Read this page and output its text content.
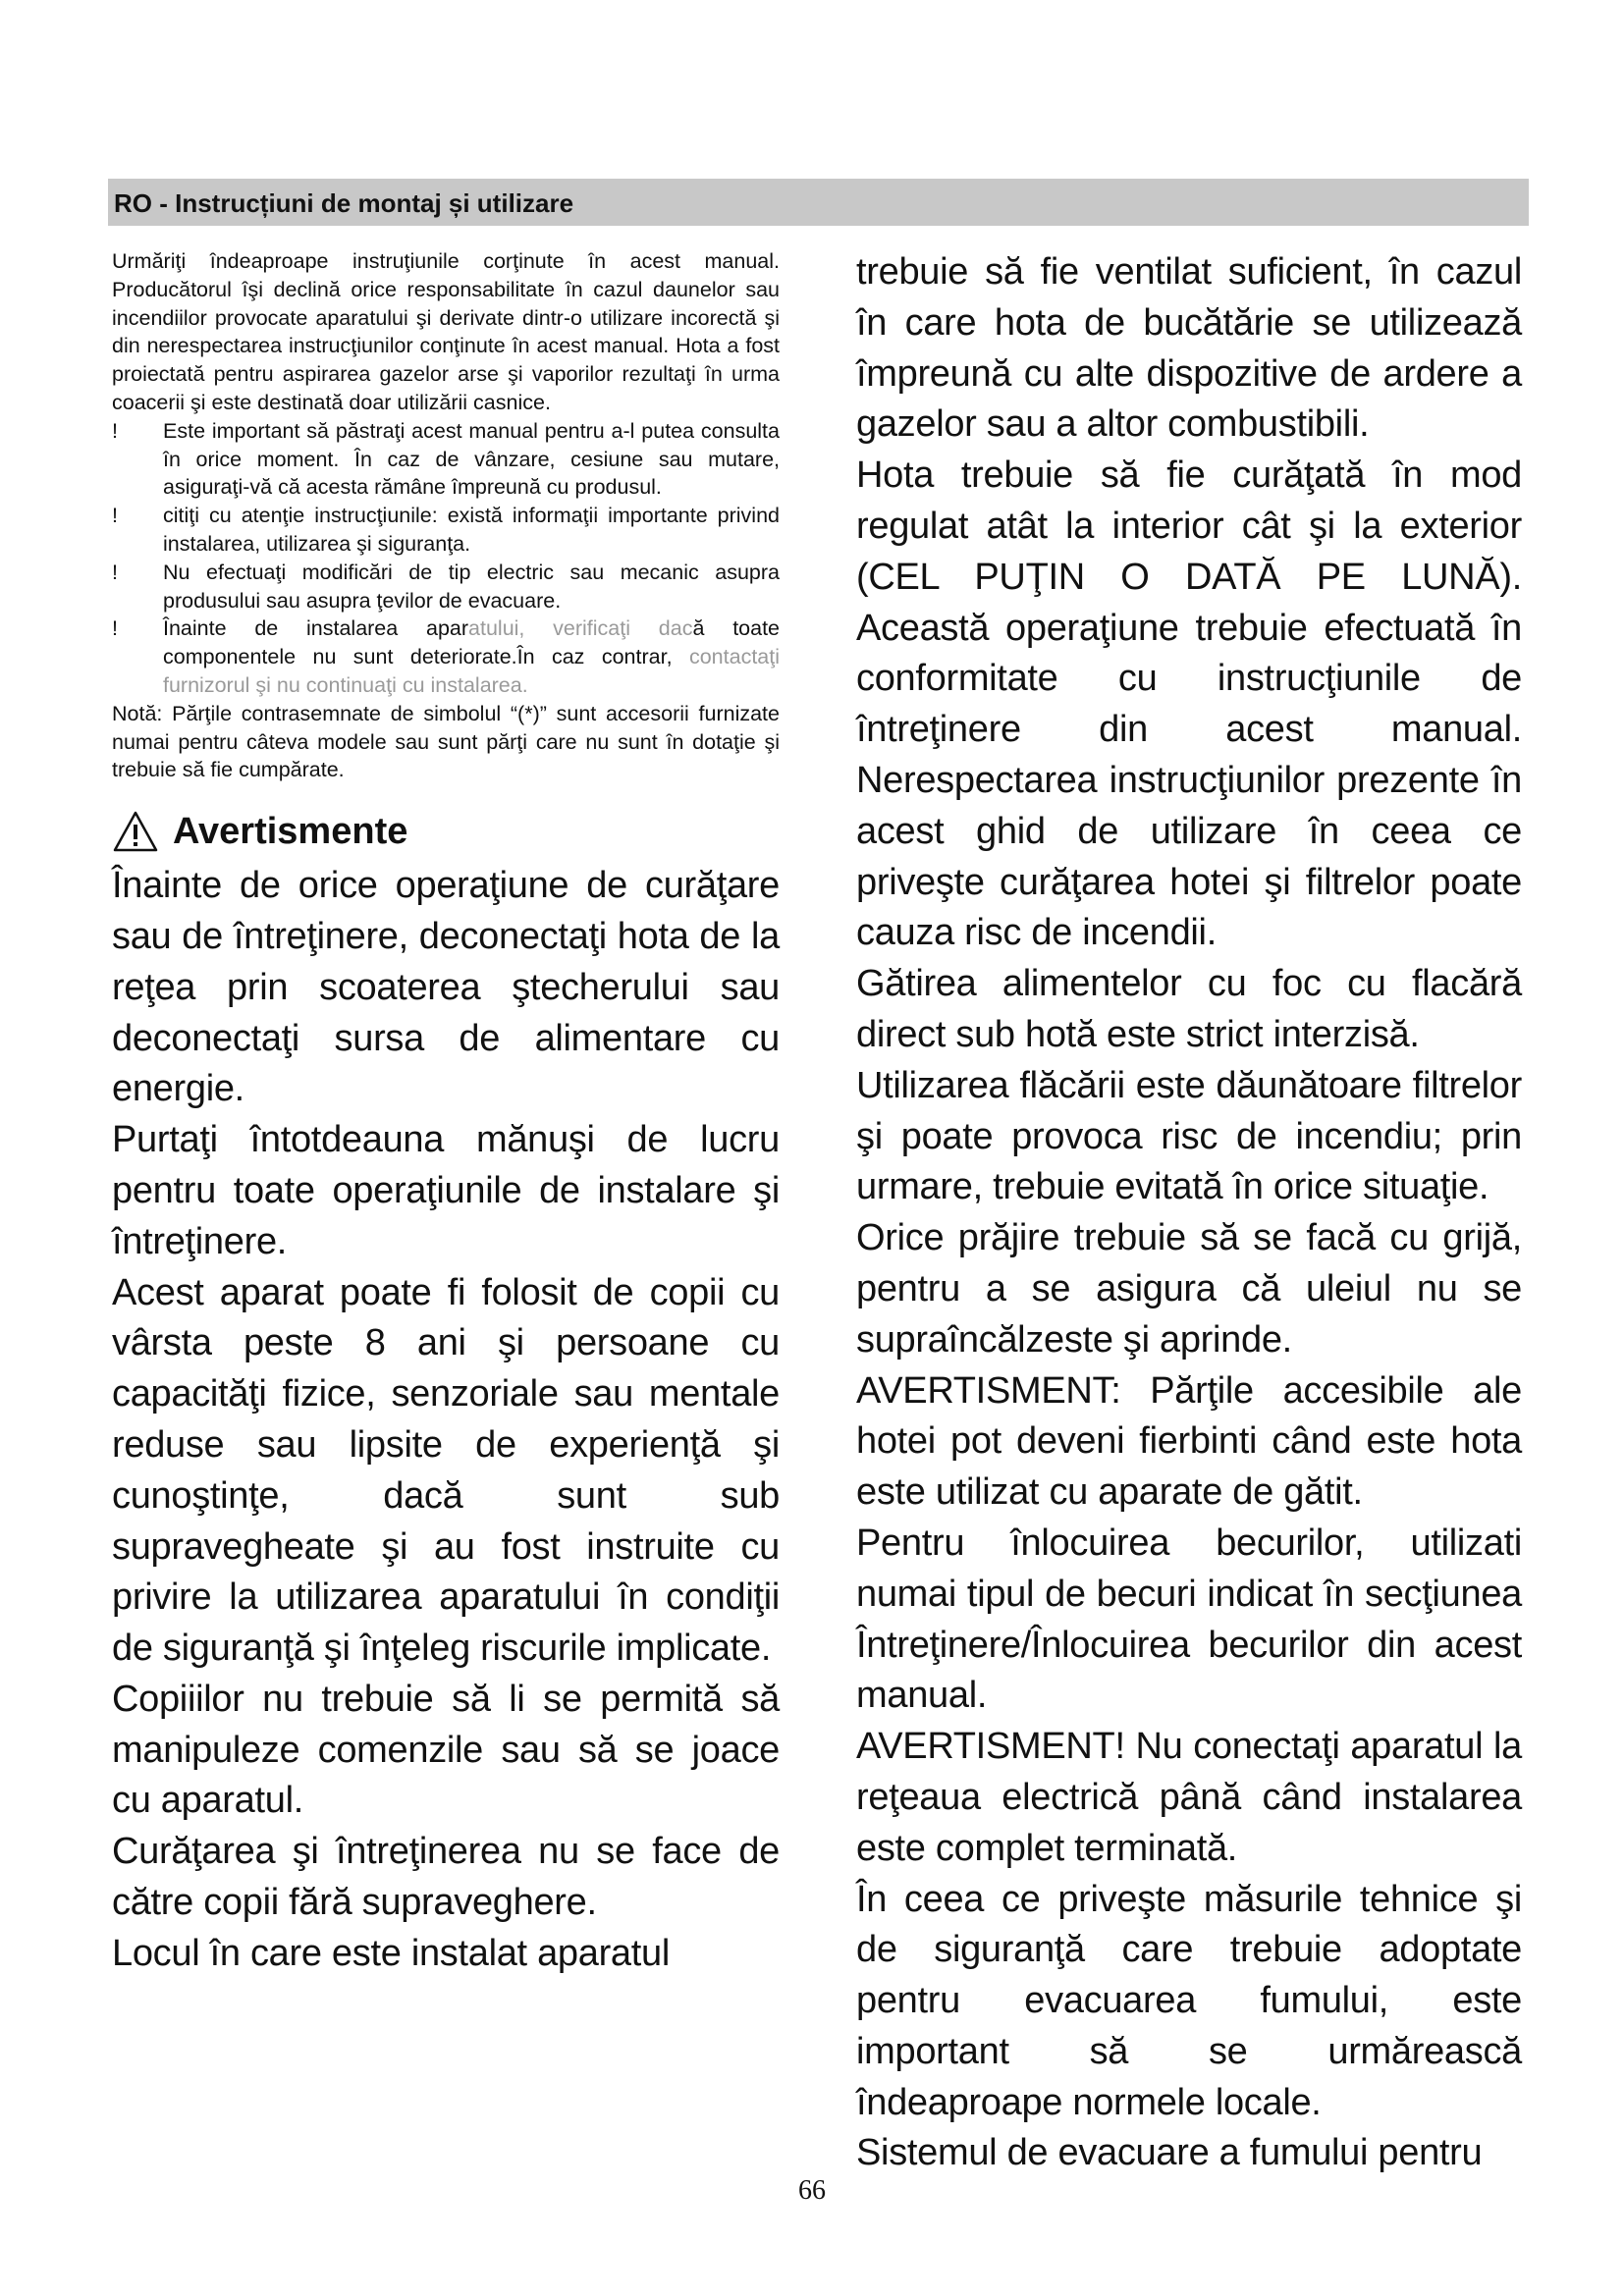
RO - Instrucțiuni de montaj și utilizare

Urmăriţi îndeaproape instruţiunile corţinute în acest manual. Producătorul îşi declină orice responsabilitate în cazul daunelor sau incendiilor provocate aparatului şi derivate dintr-o utilizare incorectă şi din nerespectarea instrucţiunilor conţinute în acest manual. Hota a fost proiectată pentru aspirarea gazelor arse şi vaporilor rezultaţi în urma coacerii şi este destinată doar utilizării casnice.

!	Este important să păstraţi acest manual pentru a-l putea consulta în orice moment. În caz de vânzare, cesiune sau mutare, asiguraţi-vă că acesta rămâne împreună cu produsul.
!	citiţi cu atenţie instrucţiunile: există informaţii importante privind instalarea, utilizarea şi siguranţa.
!	Nu efectuaţi modificări de tip electric sau mecanic asupra produsului sau asupra ţevilor de evacuare.
!	Înainte de instalarea aparatului, verificaţi dacă toate componentele nu sunt deteriorate.În caz contrar, contactaţi furnizorul şi nu continuaţi cu instalarea.

Notă: Părţile contrasemnate de simbolul “(*)” sunt accesorii furnizate numai pentru câteva modele sau sunt părţi care nu sunt în dotaţie şi trebuie să fie cumpărate.

Avertismente

Înainte de orice operaţiune de curăţare sau de întreţinere, deconectaţi hota de la reţea prin scoaterea ştecherului sau deconectaţi sursa de alimentare cu energie.

Purtaţi întotdeauna mănuşi de lucru pentru toate operaţiunile de instalare şi întreţinere.

Acest aparat poate fi folosit de copii cu vârsta peste 8 ani şi persoane cu capacităţi fizice, senzoriale sau mentale reduse sau lipsite de experienţă şi cunoştinţe, dacă sunt sub supravegheate şi au fost instruite cu privire la utilizarea aparatului în condiţii de siguranţă şi înţeleg riscurile implicate.

Copiiilor nu trebuie să li se permită să manipuleze comenzile sau să se joace cu aparatul.

Curăţarea şi întreţinerea nu se face de către copii fără supraveghere.

Locul în care este instalat aparatul

trebuie să fie ventilat suficient, în cazul în care hota de bucătărie se utilizează împreună cu alte dispozitive de ardere a gazelor sau a altor combustibili.

Hota trebuie să fie curăţată în mod regulat atât la interior cât şi la exterior (CEL PUŢIN O DATĂ PE LUNĂ). Această operaţiune trebuie efectuată în conformitate cu instrucţiunile de întreţinere din acest manual. Nerespectarea instrucţiunilor prezente în acest ghid de utilizare în ceea ce priveşte curăţarea hotei şi filtrelor poate cauza risc de incendii.

Gătirea alimentelor cu foc cu flacără direct sub hotă este strict interzisă.

Utilizarea flăcării este dăunătoare filtrelor şi poate provoca risc de incendiu; prin urmare, trebuie evitată în orice situaţie.

Orice prăjire trebuie să se facă cu grijă, pentru a se asigura că uleiul nu se supraîncălzeste şi aprinde.

AVERTISMENT: Părţile accesibile ale hotei pot deveni fierbinti când este hota este utilizat cu aparate de gătit.

Pentru înlocuirea becurilor, utilizati numai tipul de becuri indicat în secţiunea Întreţinere/Înlocuirea becurilor din acest manual.

AVERTISMENT! Nu conectaţi aparatul la reţeaua electrică până când instalarea este complet terminată.

În ceea ce priveşte măsurile tehnice şi de siguranţă care trebuie adoptate pentru evacuarea fumului, este important să se urmărească îndeaproape normele locale.

Sistemul de evacuare a fumului pentru

66
